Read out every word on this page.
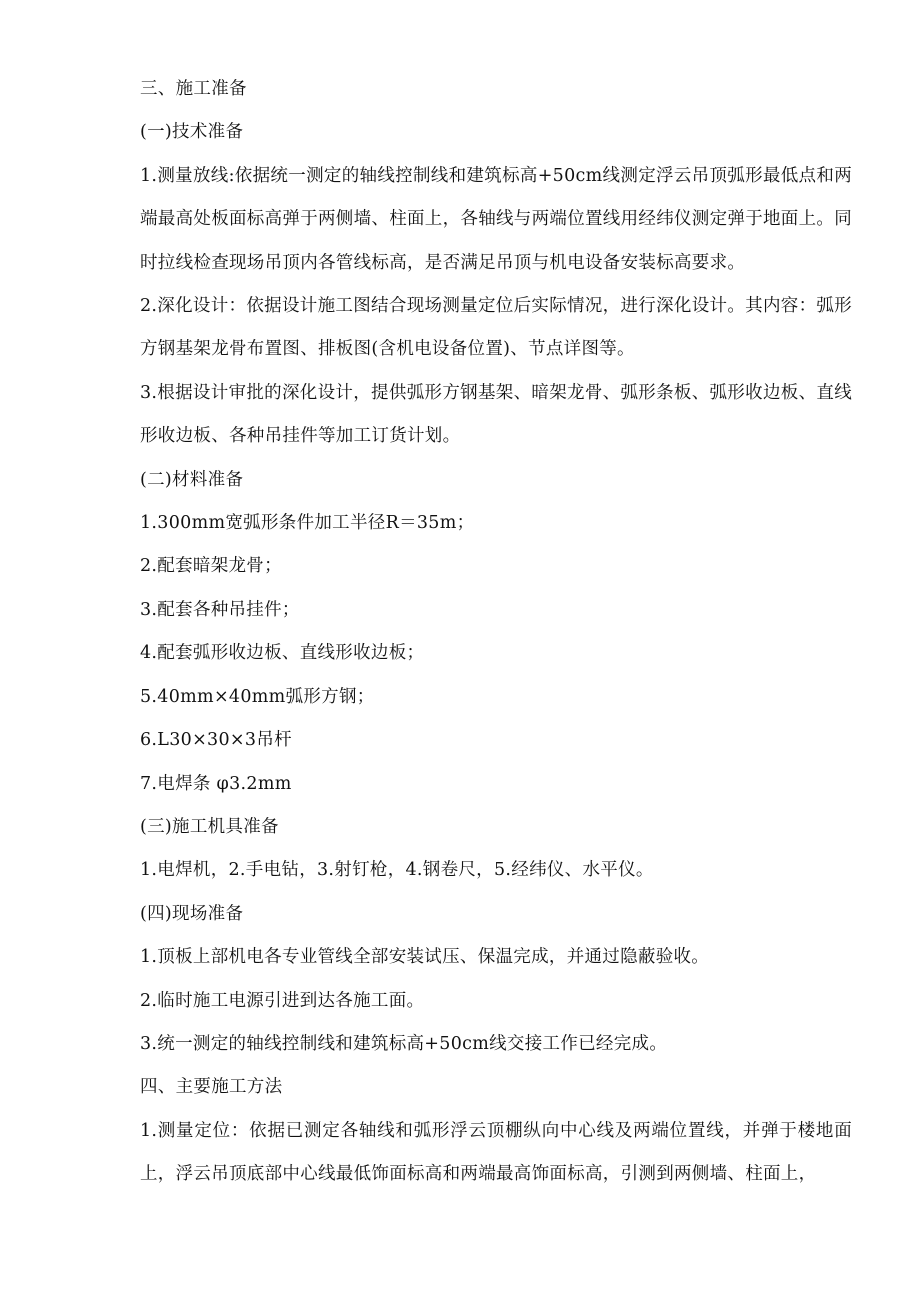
三、施工准备

(一)技术准备

1.测量放线:依据统一测定的轴线控制线和建筑标高+50cm线测定浮云吊顶弧形最低点和两端最高处板面标高弹于两侧墙、柱面上，各轴线与两端位置线用经纬仪测定弹于地面上。同时拉线检查现场吊顶内各管线标高，是否满足吊顶与机电设备安装标高要求。

2.深化设计：依据设计施工图结合现场测量定位后实际情况，进行深化设计。其内容：弧形方钢基架龙骨布置图、排板图(含机电设备位置)、节点详图等。

3.根据设计审批的深化设计，提供弧形方钢基架、暗架龙骨、弧形条板、弧形收边板、直线形收边板、各种吊挂件等加工订货计划。

(二)材料准备

1.300mm宽弧形条件加工半径R＝35m；

2.配套暗架龙骨；

3.配套各种吊挂件；

4.配套弧形收边板、直线形收边板；

5.40mm×40mm弧形方钢；

6.L30×30×3吊杆

7.电焊条 φ3.2mm

(三)施工机具准备

1.电焊机，2.手电钻，3.射钉枪，4.钢卷尺，5.经纬仪、水平仪。

(四)现场准备

1.顶板上部机电各专业管线全部安装试压、保温完成，并通过隐蔽验收。

2.临时施工电源引进到达各施工面。

3.统一测定的轴线控制线和建筑标高+50cm线交接工作已经完成。

四、主要施工方法

1.测量定位：依据已测定各轴线和弧形浮云顶棚纵向中心线及两端位置线，并弹于楼地面上，浮云吊顶底部中心线最低饰面标高和两端最高饰面标高，引测到两侧墙、柱面上，
